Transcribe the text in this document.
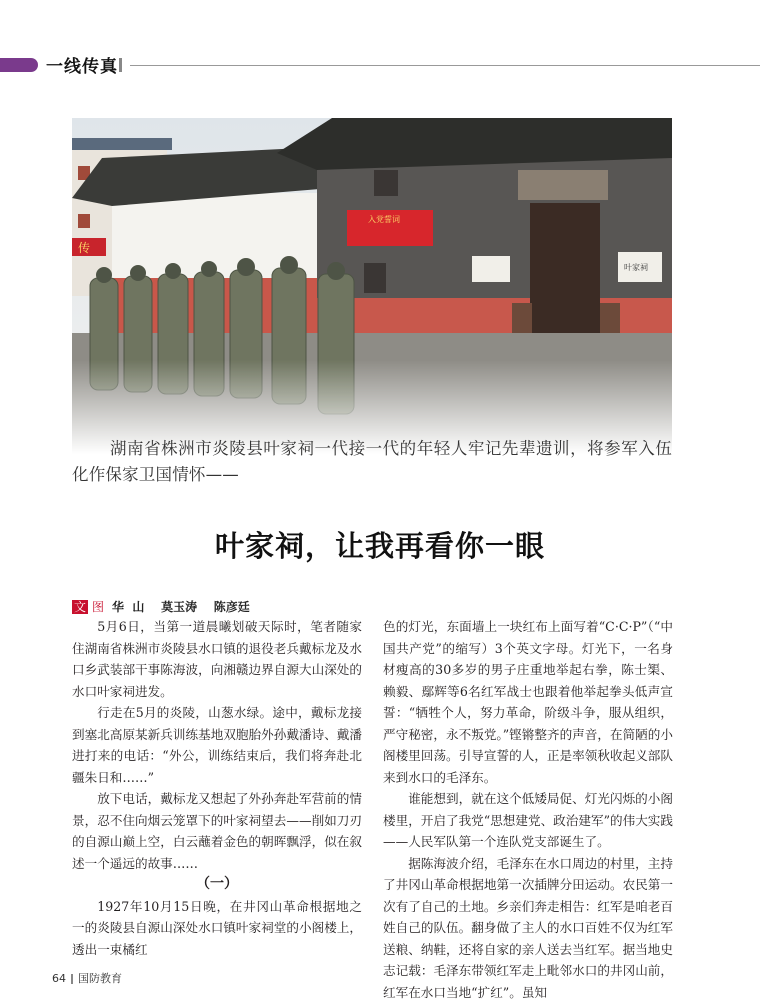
一线传真
湖南省株洲市炎陵县叶家祠一代接一代的年轻人牢记先辈遗训，将参军入伍化作保家卫国情怀——
叶家祠，让我再看你一眼
文 图 华  山    莫玉涛    陈彦廷

5月6日，当第一道晨曦划破天际时，笔者随家住湖南省株洲市炎陵县水口镇的退役老兵戴标龙及水口乡武装部干事陈海波，向湘赣边界自源大山深处的水口叶家祠进发。

行走在5月的炎陵，山葱水绿。途中，戴标龙接到塞北高原某新兵训练基地双胞胎外孙戴潘诗、戴潘进打来的电话：“外公，训练结束后，我们将奔赴北疆朱日和……”

放下电话，戴标龙又想起了外孙奔赴军营前的情景，忍不住向烟云笼罩下的叶家祠望去——削如刀刃的自源山巅上空，白云蘸着金色的朝晖飘浮，似在叙述一个遥远的故事……

（一）

1927年10月15日晚，在井冈山革命根据地之一的炎陵县自源山深处水口镇叶家祠堂的小阁楼上，透出一束橘红

色的灯光，东面墙上一块红布上面写着“C·C·P”（“中国共产党”的缩写）3个英文字母。灯光下，一名身材瘦高的30多岁的男子庄重地举起右拳，陈士榘、赖毅、鄢辉等6名红军战士也跟着他举起拳头低声宣誓：“牺牲个人，努力革命，阶级斗争，服从组织，严守秘密，永不叛党。”铿锵整齐的声音，在简陋的小阁楼里回荡。引导宣誓的人，正是率领秋收起义部队来到水口的毛泽东。

谁能想到，就在这个低矮局促、灯光闪烁的小阁楼里，开启了我党“思想建党、政治建军”的伟大实践——人民军队第一个连队党支部诞生了。

据陈海波介绍，毛泽东在水口周边的村里，主持了井冈山革命根据地第一次插牌分田运动。农民第一次有了自己的土地。乡亲们奔走相告：红军是咱老百姓自己的队伍。翻身做了主人的水口百姓不仅为红军送粮、纳鞋，还将自家的亲人送去当红军。据当地史志记载：毛泽东带领红军走上毗邻水口的井冈山前，红军在水口当地“扩红”。虽知

64 国防教育
